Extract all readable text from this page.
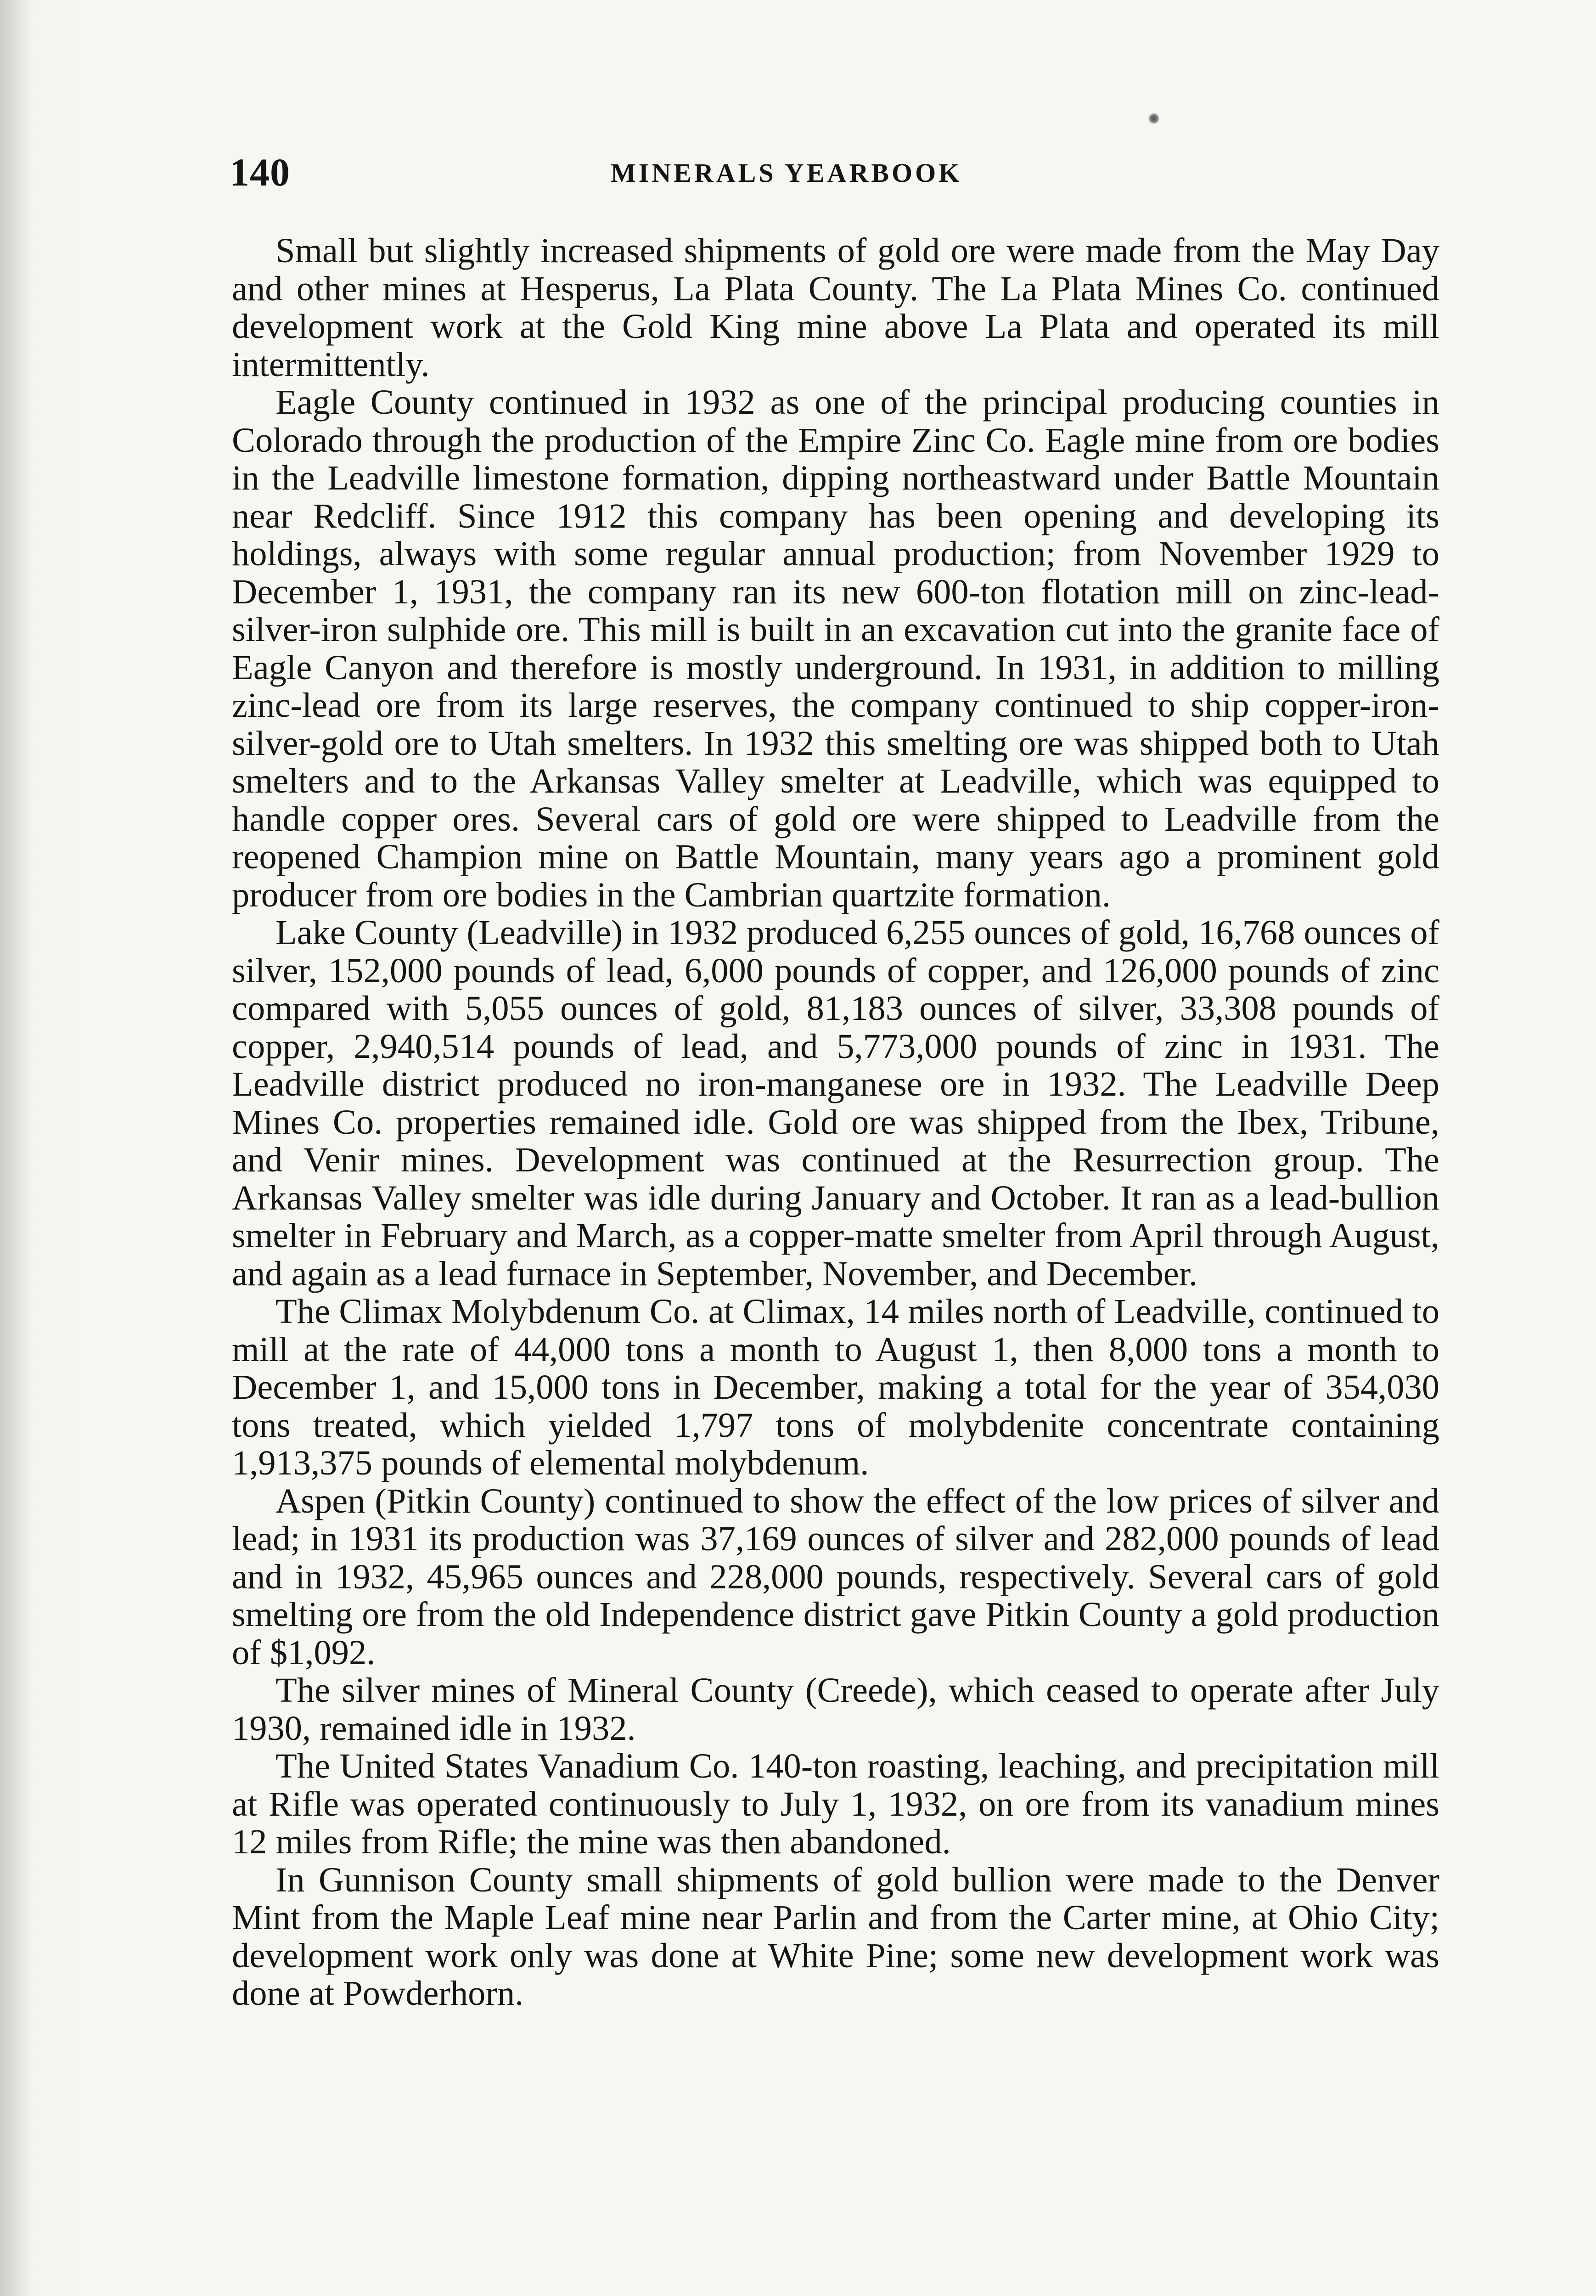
140	MINERALS YEARBOOK

Small but slightly increased shipments of gold ore were made from the May Day and other mines at Hesperus, La Plata County. The La Plata Mines Co. continued development work at the Gold King mine above La Plata and operated its mill intermittently.

Eagle County continued in 1932 as one of the principal producing counties in Colorado through the production of the Empire Zinc Co. Eagle mine from ore bodies in the Leadville limestone formation, dipping northeastward under Battle Mountain near Redcliff. Since 1912 this company has been opening and developing its holdings, always with some regular annual production; from November 1929 to December 1, 1931, the company ran its new 600-ton flotation mill on zinc-lead-silver-iron sulphide ore. This mill is built in an excavation cut into the granite face of Eagle Canyon and therefore is mostly underground. In 1931, in addition to milling zinc-lead ore from its large reserves, the company continued to ship copper-iron-silver-gold ore to Utah smelters. In 1932 this smelting ore was shipped both to Utah smelters and to the Arkansas Valley smelter at Leadville, which was equipped to handle copper ores. Several cars of gold ore were shipped to Leadville from the reopened Champion mine on Battle Mountain, many years ago a prominent gold producer from ore bodies in the Cambrian quartzite formation.

Lake County (Leadville) in 1932 produced 6,255 ounces of gold, 16,768 ounces of silver, 152,000 pounds of lead, 6,000 pounds of copper, and 126,000 pounds of zinc compared with 5,055 ounces of gold, 81,183 ounces of silver, 33,308 pounds of copper, 2,940,514 pounds of lead, and 5,773,000 pounds of zinc in 1931. The Leadville district produced no iron-manganese ore in 1932. The Leadville Deep Mines Co. properties remained idle. Gold ore was shipped from the Ibex, Tribune, and Venir mines. Development was continued at the Resurrection group. The Arkansas Valley smelter was idle during January and October. It ran as a lead-bullion smelter in February and March, as a copper-matte smelter from April through August, and again as a lead furnace in September, November, and December.

The Climax Molybdenum Co. at Climax, 14 miles north of Leadville, continued to mill at the rate of 44,000 tons a month to August 1, then 8,000 tons a month to December 1, and 15,000 tons in December, making a total for the year of 354,030 tons treated, which yielded 1,797 tons of molybdenite concentrate containing 1,913,375 pounds of elemental molybdenum.

Aspen (Pitkin County) continued to show the effect of the low prices of silver and lead; in 1931 its production was 37,169 ounces of silver and 282,000 pounds of lead and in 1932, 45,965 ounces and 228,000 pounds, respectively. Several cars of gold smelting ore from the old Independence district gave Pitkin County a gold production of $1,092.

The silver mines of Mineral County (Creede), which ceased to operate after July 1930, remained idle in 1932.

The United States Vanadium Co. 140-ton roasting, leaching, and precipitation mill at Rifle was operated continuously to July 1, 1932, on ore from its vanadium mines 12 miles from Rifle; the mine was then abandoned.

In Gunnison County small shipments of gold bullion were made to the Denver Mint from the Maple Leaf mine near Parlin and from the Carter mine, at Ohio City; development work only was done at White Pine; some new development work was done at Powderhorn.
